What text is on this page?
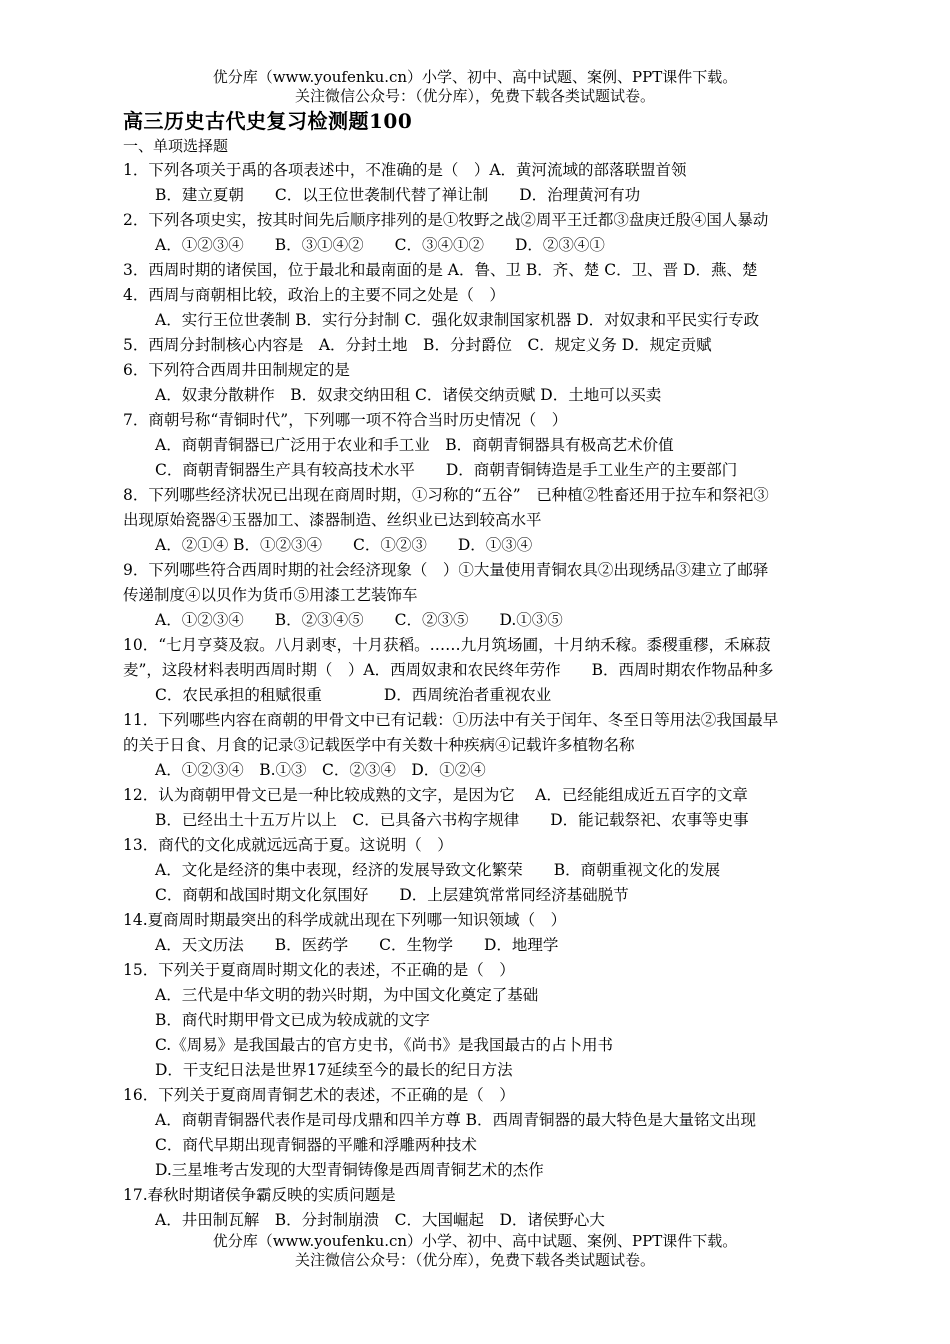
优分库（www.youfenku.cn）小学、初中、高中试题、案例、PPT课件下载。
关注微信公众号：（优分库），免费下载各类试题试卷。
高三历史古代史复习检测题100
一、单项选择题
1．下列各项关于禹的各项表述中，不准确的是（　）A．黄河流域的部落联盟首领
B．建立夏朝　　C．以王位世袭制代替了禅让制　　D．治理黄河有功
2．下列各项史实，按其时间先后顺序排列的是①牧野之战②周平王迁都③盘庚迁殷④国人暴动
A．①②③④　　B．③①④②　　C．③④①②　　D．②③④①
3．西周时期的诸侯国，位于最北和最南面的是 A．鲁、卫 B．齐、楚 C．卫、晋 D．燕、楚
4．西周与商朝相比较，政治上的主要不同之处是（　）
A．实行王位世袭制 B．实行分封制 C．强化奴隶制国家机器 D．对奴隶和平民实行专政
5．西周分封制核心内容是　A．分封土地　B．分封爵位　C．规定义务 D．规定贡赋
6．下列符合西周井田制规定的是
A．奴隶分散耕作　B．奴隶交纳田租 C．诸侯交纳贡赋 D．土地可以买卖
7．商朝号称“青铜时代”，下列哪一项不符合当时历史情况（　）
A．商朝青铜器已广泛用于农业和手工业　B．商朝青铜器具有极高艺术价值
C．商朝青铜器生产具有较高技术水平　　D．商朝青铜铸造是手工业生产的主要部门
8．下列哪些经济状况已出现在商周时期，①习称的“五谷”　已种植②牲畜还用于拉车和祭祀③
出现原始瓷器④玉器加工、漆器制造、丝织业已达到较高水平
A．②①④ B．①②③④　　C．①②③　　D．①③④
9．下列哪些符合西周时期的社会经济现象（　）①大量使用青铜农具②出现绣品③建立了邮驿
传递制度④以贝作为货币⑤用漆工艺装饰车
A．①②③④　　B．②③④⑤　　C．②③⑤　　D.①③⑤
10．“七月亨葵及寂。八月剥枣，十月获稻。……九月筑场圃，十月纳禾稼。黍稷重穋，禾麻菽
麦”，这段材料表明西周时期（　）A．西周奴隶和农民终年劳作　　B．西周时期农作物品种多
C．农民承担的租赋很重　　　　D．西周统治者重视农业
11．下列哪些内容在商朝的甲骨文中已有记载：①历法中有关于闰年、冬至日等用法②我国最早
的关于日食、月食的记录③记载医学中有关数十种疾病④记载许多植物名称
A．①②③④　B.①③　C．②③④　D．①②④
12．认为商朝甲骨文已是一种比较成熟的文字，是因为它　 A．已经能组成近五百字的文章
B．已经出土十五万片以上　C．已具备六书构字规律　　D．能记载祭祀、农事等史事
13．商代的文化成就远远高于夏。这说明（　）
A．文化是经济的集中表现，经济的发展导致文化繁荣　　B．商朝重视文化的发展
C．商朝和战国时期文化氛围好　　D．上层建筑常常同经济基础脱节
14.夏商周时期最突出的科学成就出现在下列哪一知识领域（　）
A．天文历法　　B．医药学　　C．生物学　　D．地理学
15．下列关于夏商周时期文化的表述，不正确的是（　）
A．三代是中华文明的勃兴时期，为中国文化奠定了基础
B．商代时期甲骨文已成为较成就的文字
C.《周易》是我国最古的官方史书，《尚书》是我国最古的占卜用书
D．干支纪日法是世界17延续至今的最长的纪日方法
16．下列关于夏商周青铜艺术的表述，不正确的是（　）
A．商朝青铜器代表作是司母戊鼎和四羊方尊 B．西周青铜器的最大特色是大量铭文出现
C．商代早期出现青铜器的平雕和浮雕两种技术
D.三星堆考古发现的大型青铜铸像是西周青铜艺术的杰作
17.春秋时期诸侯争霸反映的实质问题是
A．井田制瓦解　B．分封制崩溃　C．大国崛起　D．诸侯野心大
优分库（www.youfenku.cn）小学、初中、高中试题、案例、PPT课件下载。
关注微信公众号：（优分库），免费下载各类试题试卷。
